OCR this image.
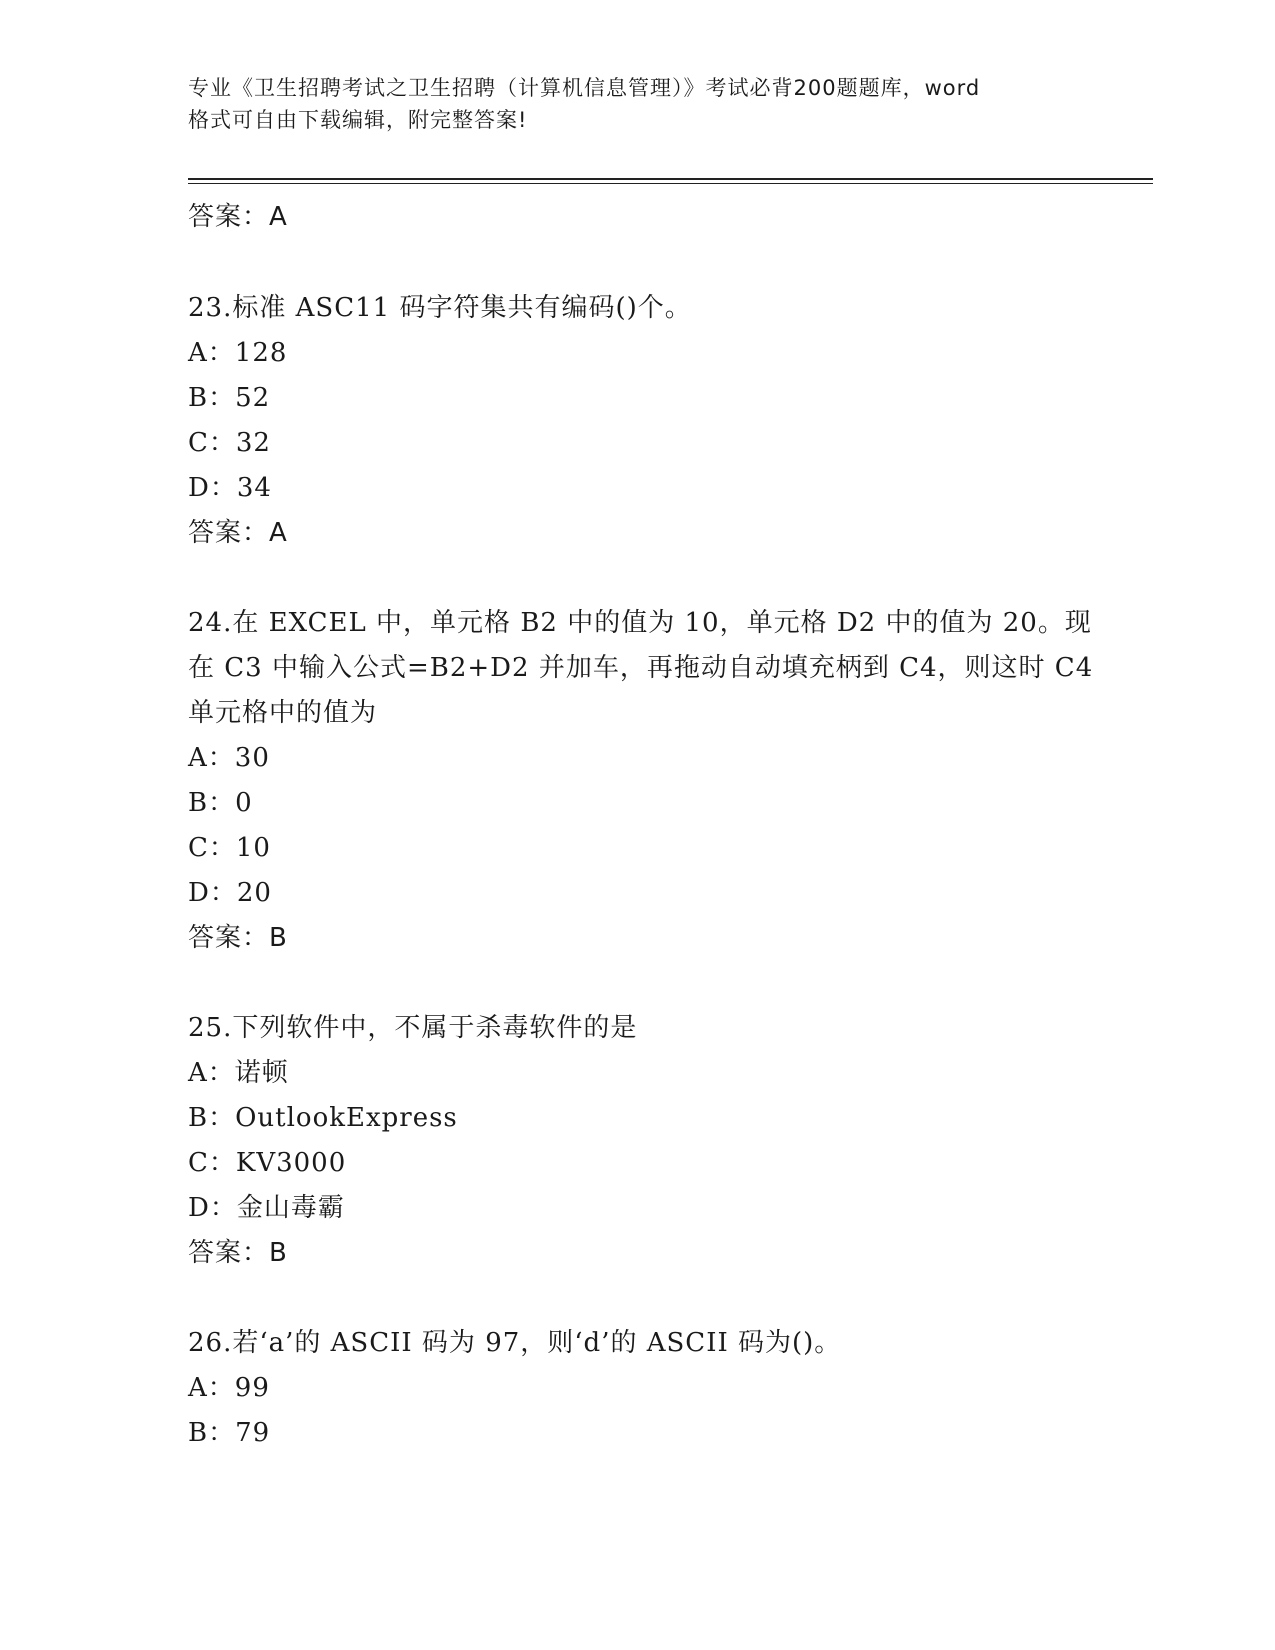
专业《卫生招聘考试之卫生招聘（计算机信息管理）》考试必背200题题库，word
格式可自由下载编辑，附完整答案!
答案：A
23.标准 ASC11 码字符集共有编码()个。
A：128
B：52
C：32
D：34
答案：A
24.在 EXCEL 中，单元格 B2 中的值为 10，单元格 D2 中的值为 20。现
在 C3 中输入公式=B2+D2 并加车，再拖动自动填充柄到 C4，则这时 C4
单元格中的值为
A：30
B：0
C：10
D：20
答案：B
25.下列软件中，不属于杀毒软件的是
A：诺顿
B：OutlookExpress
C：KV3000
D：金山毒霸
答案：B
26.若‘a’的 ASCII 码为 97，则‘d’的 ASCII 码为()。
A：99
B：79
